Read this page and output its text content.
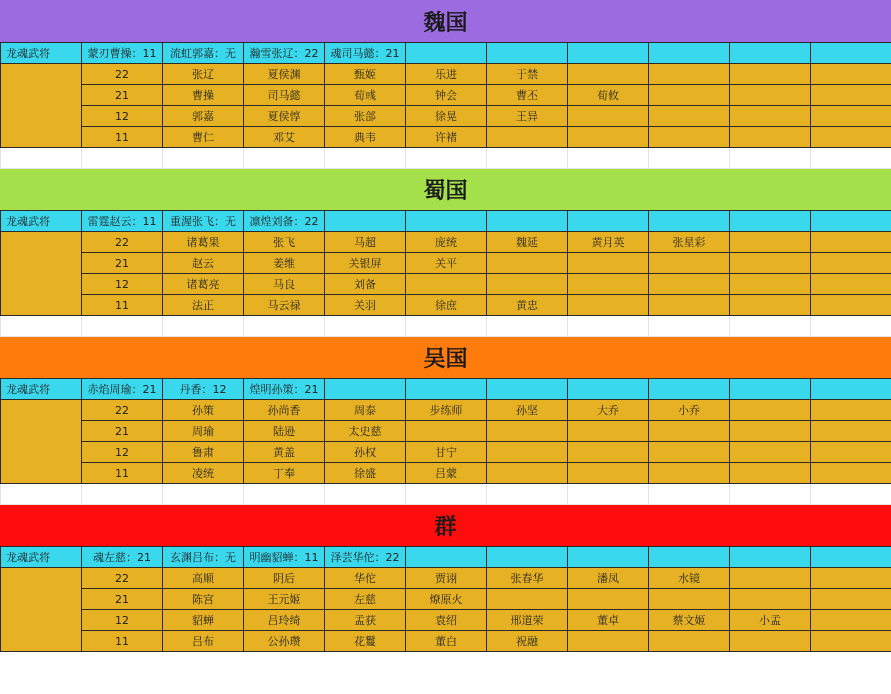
魏国
龙魂武将	蒙刃曹操：11	流虹郭嘉：无	瀚雪张辽：22	魂司马懿：21						
	22	张辽	夏侯渊	甄姬	乐进	于禁				
	21	曹操	司马懿	荀彧	钟会	曹丕	荀攸			
	12	郭嘉	夏侯惇	张郃	徐晃	王异				
	11	曹仁	邓艾	典韦	许褚					

蜀国
龙魂武将	雷霆赵云：11	重渥张飞：无	凛煌刘备：22							
	22	诸葛果	张飞	马超	庞统	魏延	黄月英	张星彩		
	21	赵云	姜维	关银屏	关平					
	12	诸葛亮	马良	刘备						
	11	法正	马云禄	关羽	徐庶	黄忠				

吴国
龙魂武将	赤焰周瑜：21	丹香：12	煌明孙策：21							
	22	孙策	孙尚香	周泰	步练师	孙坚	大乔	小乔		
	21	周瑜	陆逊	太史慈						
	12	鲁肃	黄盖	孙权	甘宁					
	11	凌统	丁奉	徐盛	吕蒙					

群
龙魂武将	魂左慈：21	玄渊吕布：无	明幽貂蝉：11	泽芸华佗：22						
	22	高顺	阴后	华佗	贾诩	张春华	潘凤	水镜		
	21	陈宫	王元姬	左慈	燎原火					
	12	貂蝉	吕玲绮	孟获	袁绍	邢道荣	董卓	蔡文姬	小孟	
	11	吕布	公孙瓒	花鬘	董白	祝融				
